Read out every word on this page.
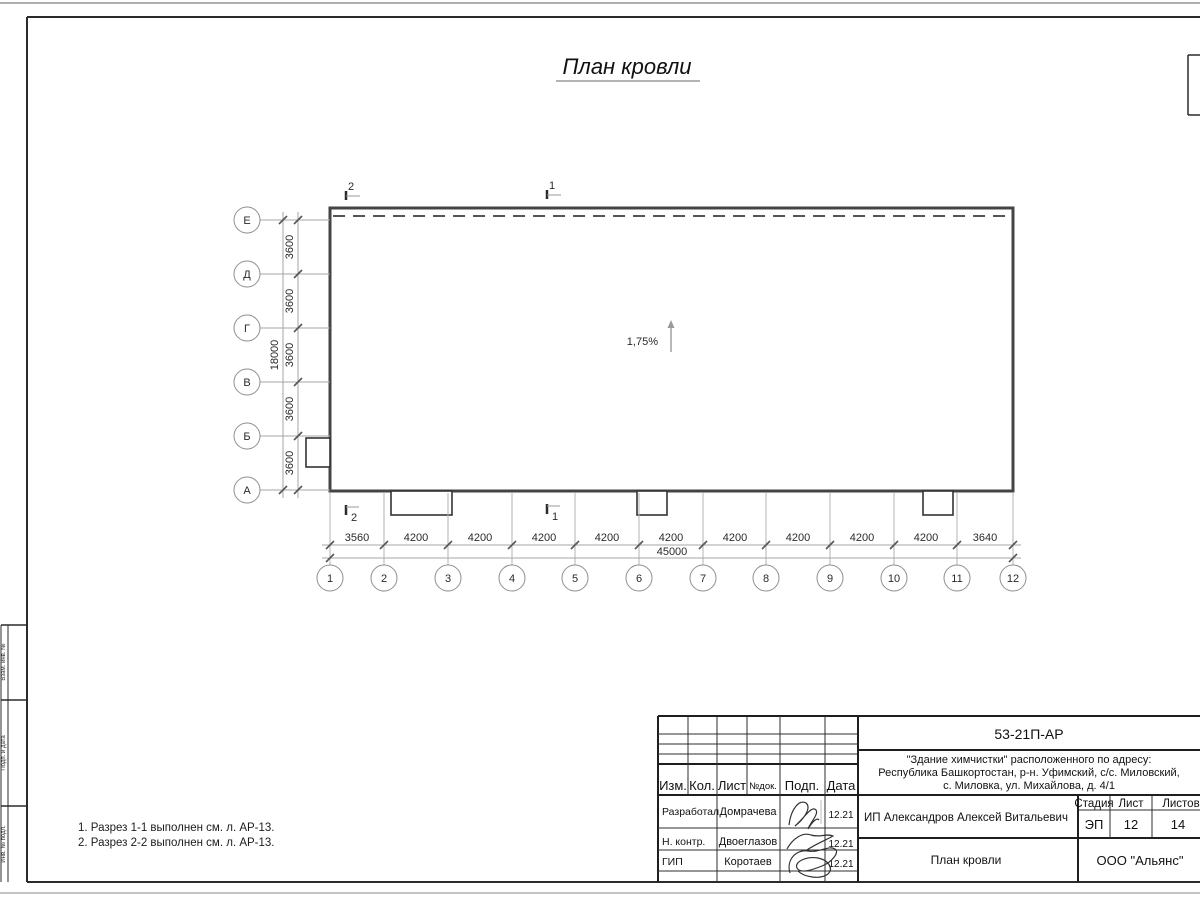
Взам. инв. №
Подп. и дата
Инв. № подл.
План кровли
1,75%
2	1
2	1
3600
3600
3600
3600
3600
18000
Е
Д
Г
В
Б
А
3560	4200	4200	4200	4200	4200	4200	4200	4200	4200	3640
45000
1	2	3	4	5	6	7	8	9	10	11	12
1. Разрез 1-1 выполнен см. л. АР-13.
2. Разрез 2-2 выполнен см. л. АР-13.
53-21П-АР
"Здание химчистки" расположенного по адресу:
Республика Башкортостан, р-н. Уфимский, с/с. Миловский,
с. Миловка, ул. Михайлова, д. 4/1
Изм. Кол. Лист №док. Подп. Дата
Разработал Домрачева	12.21
Н. контр. Двоеглазов	12.21
ГИП	Коротаев	12.21
ИП Александров Алексей Витальевич
Стадия Лист Листов
ЭП 12	14
План кровли	ООО "Альянс"
